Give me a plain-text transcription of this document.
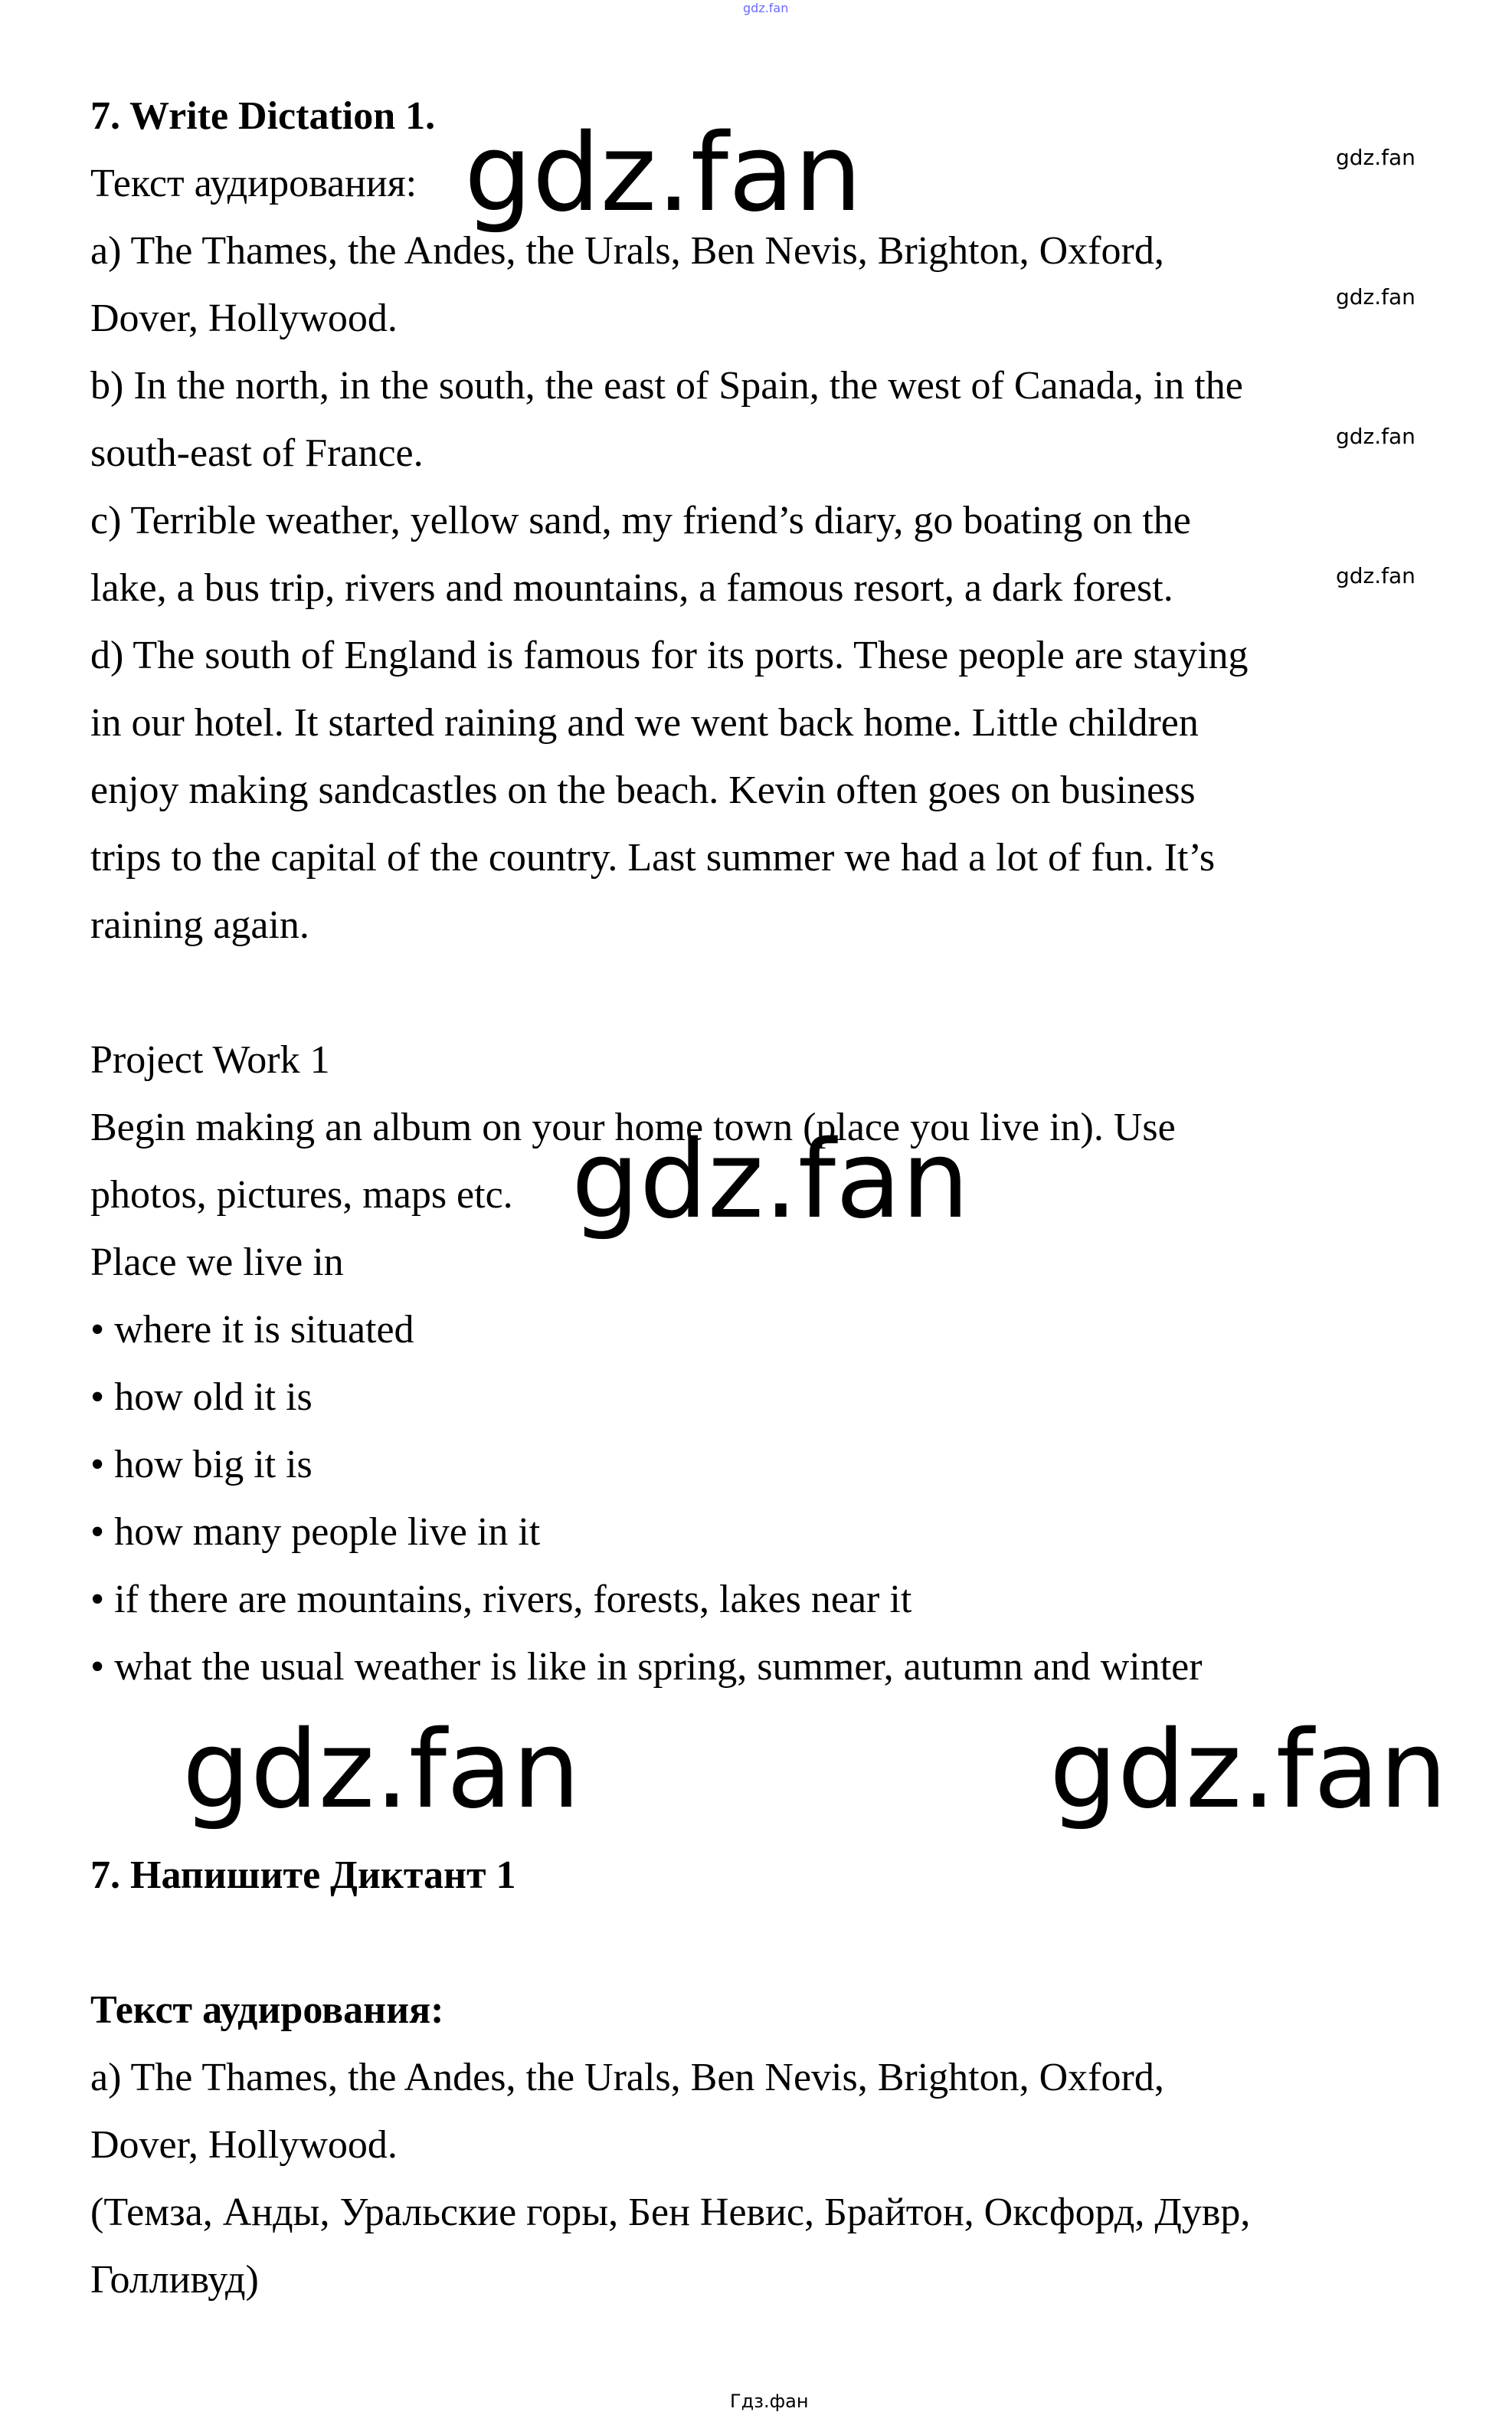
gdz.fan
7. Write Dictation 1.
Текст аудирования:
a) The Thames, the Andes, the Urals, Ben Nevis, Brighton, Oxford,
Dover, Hollywood.
b) In the north, in the south, the east of Spain, the west of Canada, in the
south-east of France.
c) Terrible weather, yellow sand, my friend’s diary, go boating on the
lake, a bus trip, rivers and mountains, a famous resort, a dark forest.
d) The south of England is famous for its ports. These people are staying
in our hotel. It started raining and we went back home. Little children
enjoy making sandcastles on the beach. Kevin often goes on business
trips to the capital of the country. Last summer we had a lot of fun. It’s
raining again.
Project Work 1
Begin making an album on your home town (place you live in). Use
photos, pictures, maps etc.
Place we live in
• where it is situated
• how old it is
• how big it is
• how many people live in it
• if there are mountains, rivers, forests, lakes near it
• what the usual weather is like in spring, summer, autumn and winter
7. Напишите Диктант 1
Текст аудирования:
a) The Thames, the Andes, the Urals, Ben Nevis, Brighton, Oxford,
Dover, Hollywood.
(Темза, Анды, Уральские горы, Бен Невис, Брайтон, Оксфорд, Дувр,
Голливуд)
gdz.fan
gdz.fan
gdz.fan	gdz.fan
gdz.fan
gdz.fan
gdz.fan
gdz.fan
Гдз.фан
